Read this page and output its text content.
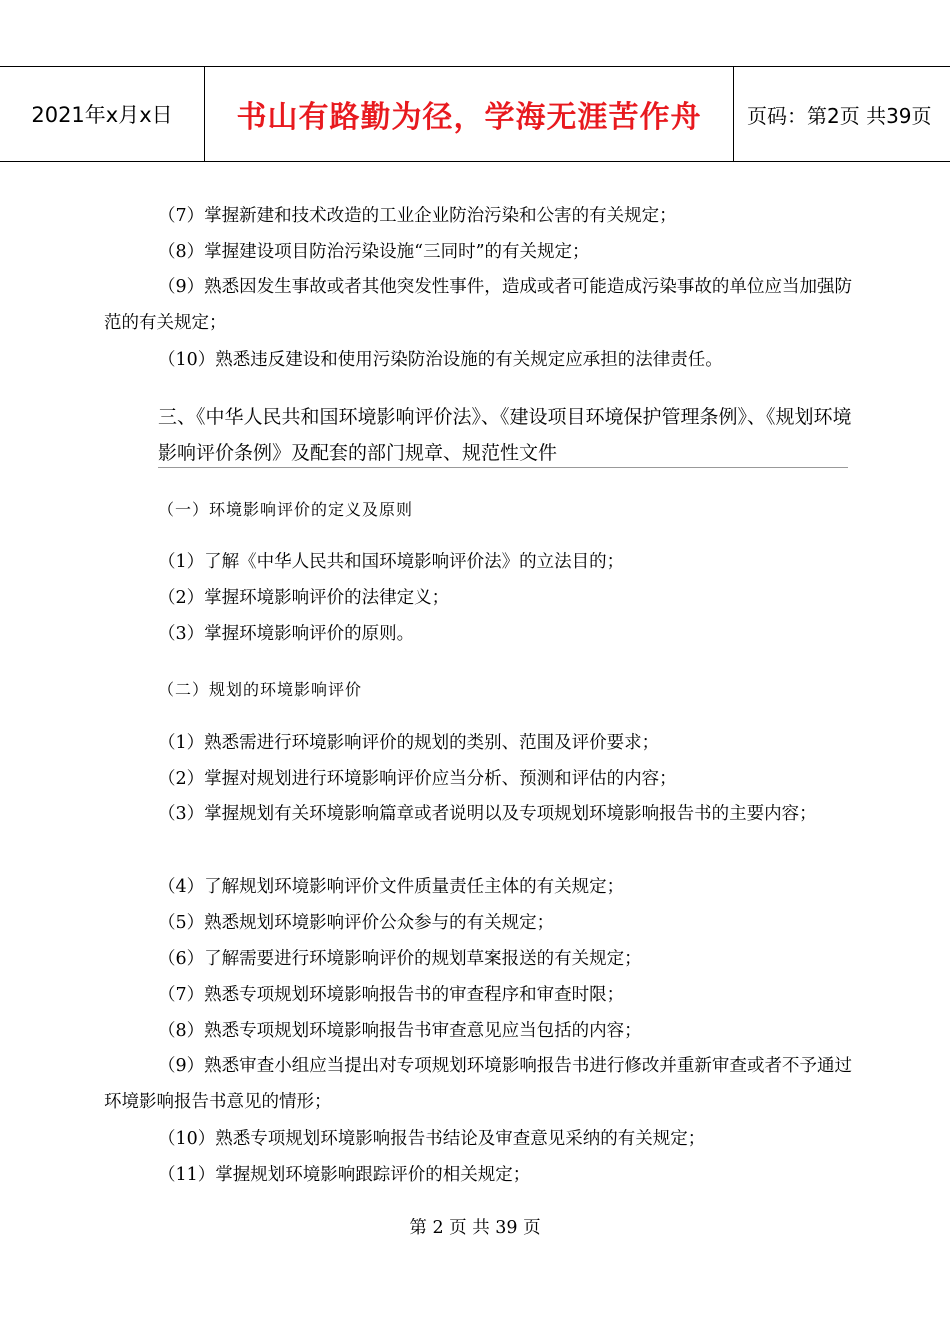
2021年x月x日	书山有路勤为径，学海无涯苦作舟	页码：第2页 共39页
（7）掌握新建和技术改造的工业企业防治污染和公害的有关规定；
（8）掌握建设项目防治污染设施“三同时”的有关规定；
（9）熟悉因发生事故或者其他突发性事件，造成或者可能造成污染事故的单位应当加强防范的有关规定；
（10）熟悉违反建设和使用污染防治设施的有关规定应承担的法律责任。
三、《中华人民共和国环境影响评价法》、《建设项目环境保护管理条例》、《规划环境影响评价条例》及配套的部门规章、规范性文件
（一）环境影响评价的定义及原则
（1）了解《中华人民共和国环境影响评价法》的立法目的；
（2）掌握环境影响评价的法律定义；
（3）掌握环境影响评价的原则。
（二）规划的环境影响评价
（1）熟悉需进行环境影响评价的规划的类别、范围及评价要求；
（2）掌握对规划进行环境影响评价应当分析、预测和评估的内容；
（3）掌握规划有关环境影响篇章或者说明以及专项规划环境影响报告书的主要内容；
（4）了解规划环境影响评价文件质量责任主体的有关规定；
（5）熟悉规划环境影响评价公众参与的有关规定；
（6）了解需要进行环境影响评价的规划草案报送的有关规定；
（7）熟悉专项规划环境影响报告书的审查程序和审查时限；
（8）熟悉专项规划环境影响报告书审查意见应当包括的内容；
（9）熟悉审查小组应当提出对专项规划环境影响报告书进行修改并重新审查或者不予通过环境影响报告书意见的情形；
（10）熟悉专项规划环境影响报告书结论及审查意见采纳的有关规定；
（11）掌握规划环境影响跟踪评价的相关规定；
第 2 页 共 39 页
